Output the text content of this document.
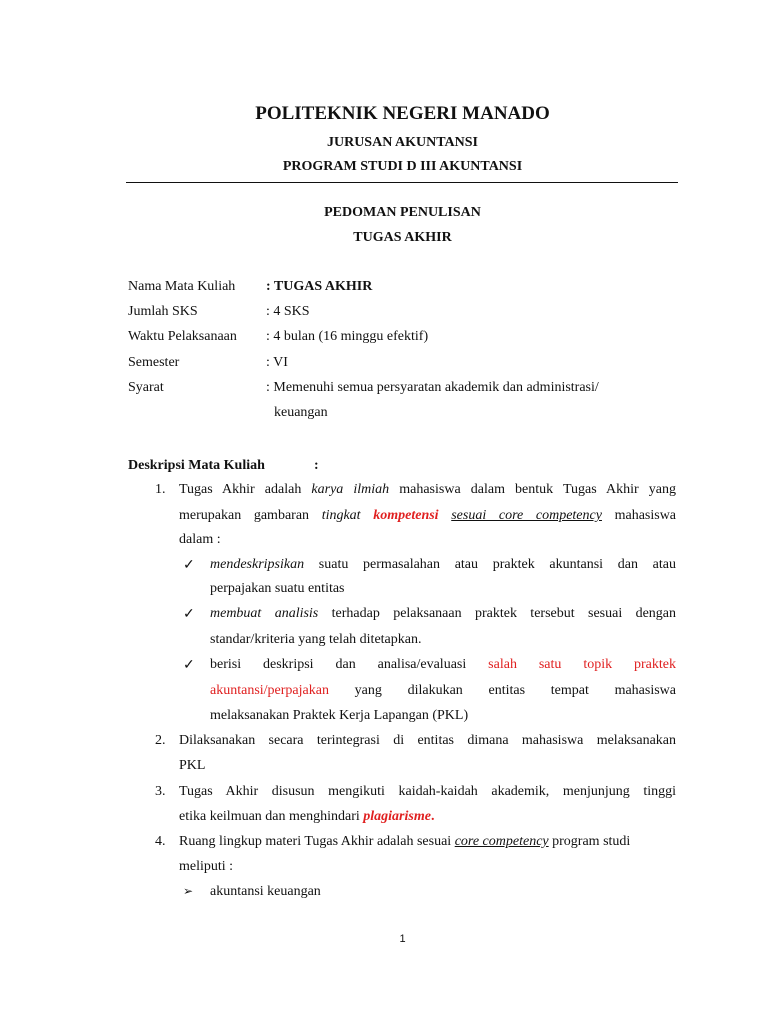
POLITEKNIK NEGERI MANADO
JURUSAN AKUNTANSI
PROGRAM STUDI D III AKUNTANSI
PEDOMAN PENULISAN
TUGAS AKHIR
Nama Mata Kuliah : TUGAS AKHIR
Jumlah SKS	: 4 SKS
Waktu Pelaksanaan : 4 bulan (16 minggu efektif)
Semester	: VI
Syarat	: Memenuhi semua persyaratan akademik dan administrasi/
keuangan
Deskripsi Mata Kuliah	:
1. Tugas Akhir adalah karya ilmiah mahasiswa dalam bentuk Tugas Akhir yang
merupakan gambaran tingkat kompetensi sesuai core competency mahasiswa
dalam :
✓ mendeskripsikan suatu permasalahan atau praktek akuntansi dan atau
perpajakan suatu entitas
✓ membuat analisis terhadap pelaksanaan praktek tersebut sesuai dengan
standar/kriteria yang telah ditetapkan.
✓ berisi deskripsi dan analisa/evaluasi salah satu topik praktek
akuntansi/perpajakan yang dilakukan entitas tempat mahasiswa
melaksanakan Praktek Kerja Lapangan (PKL)
2. Dilaksanakan secara terintegrasi di entitas dimana mahasiswa melaksanakan
PKL
3. Tugas Akhir disusun mengikuti kaidah-kaidah akademik, menjunjung tinggi
etika keilmuan dan menghindari plagiarisme.
4. Ruang lingkup materi Tugas Akhir adalah sesuai core competency program studi
meliputi :
➢ akuntansi keuangan
1
